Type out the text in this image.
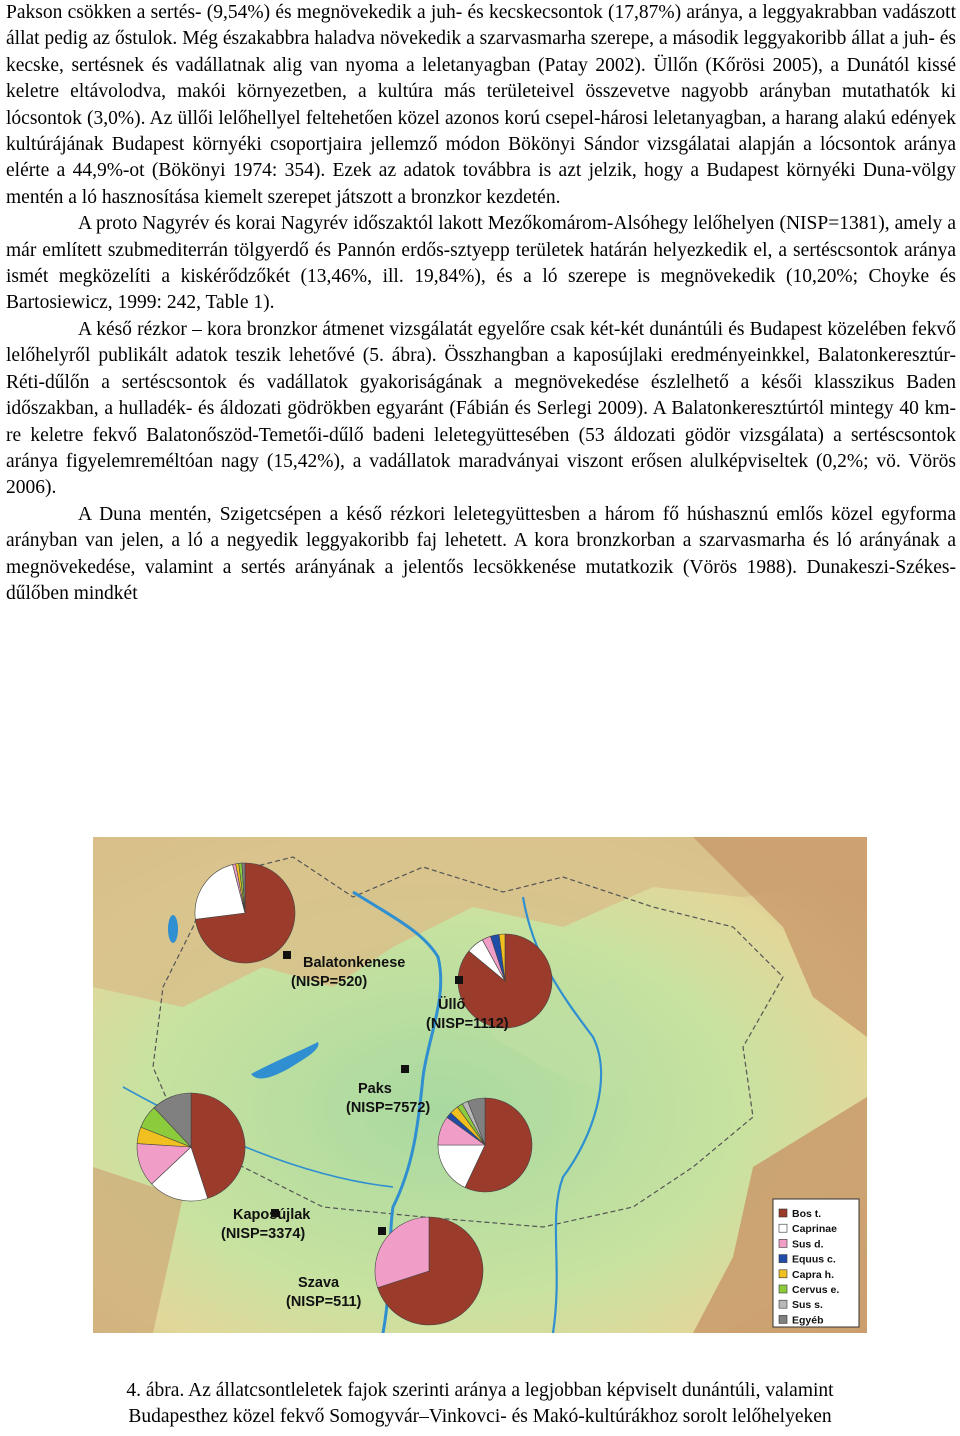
Pakson csökken a sertés- (9,54%) és megnövekedik a juh- és kecskecsontok (17,87%) aránya, a leggyakrabban vadászott állat pedig az őstulok. Még északabbra haladva növekedik a szarvasmarha szerepe, a második leggyakoribb állat a juh- és kecske, sertésnek és vadállatnak alig van nyoma a leletanyagban (Patay 2002). Üllőn (Kőrösi 2005), a Dunától kissé keletre eltávolodva, makói környezetben, a kultúra más területeivel összevetve nagyobb arányban mutathatók ki lócsontok (3,0%). Az üllői lelőhellyel feltehetően közel azonos korú csepel-hárosi leletanyagban, a harang alakú edények kultúrájának Budapest környéki csoportjaira jellemző módon Bökönyi Sándor vizsgálatai alapján a lócsontok aránya elérte a 44,9%-ot (Bökönyi 1974: 354). Ezek az adatok továbbra is azt jelzik, hogy a Budapest környéki Duna-völgy mentén a ló hasznosítása kiemelt szerepet játszott a bronzkor kezdetén.

A proto Nagyrév és korai Nagyrév időszaktól lakott Mezőkomárom-Alsóhegy lelőhelyen (NISP=1381), amely a már említett szubmediterrán tölgyerdő és Pannón erdős-sztyepp területek határán helyezkedik el, a sertéscsontok aránya ismét megközelíti a kiskérődzőkét (13,46%, ill. 19,84%), és a ló szerepe is megnövekedik (10,20%; Choyke és Bartosiewicz, 1999: 242, Table 1).

A késő rézkor – kora bronzkor átmenet vizsgálatát egyelőre csak két-két dunántúli és Budapest közelében fekvő lelőhelyről publikált adatok teszik lehetővé (5. ábra). Összhangban a kaposújlaki eredményeinkkel, Balatonkeresztúr-Réti-dűlőn a sertéscsontok és vadállatok gyakoriságának a megnövekedése észlelhető a késői klasszikus Baden időszakban, a hulladék- és áldozati gödrökben egyaránt (Fábián és Serlegi 2009). A Balatonkeresztúrtól mintegy 40 km-re keletre fekvő Balatonőszöd-Temetői-dűlő badeni leletegyüttesében (53 áldozati gödör vizsgálata) a sertéscsontok aránya figyelemreméltóan nagy (15,42%), a vadállatok maradványai viszont erősen alulképviseltek (0,2%; vö. Vörös 2006).

A Duna mentén, Szigetcsépen a késő rézkori leletegyüttesben a három fő húshasznú emlős közel egyforma arányban van jelen, a ló a negyedik leggyakoribb faj lehetett. A kora bronzkorban a szarvasmarha és ló arányának a megnövekedése, valamint a sertés arányának a jelentős lecsökkenése mutatkozik (Vörös 1988). Dunakeszi-Székes-dűlőben mindkét

Balatonkenese
(NISP=520)
Üllő
(NISP=1112)
Paks
(NISP=7572)
Kaposújlak
(NISP=3374)
Szava
(NISP=511)
Bos t.
Caprinae
Sus d.
Equus c.
Capra h.
Cervus e.
Sus s.
Egyéb
4. ábra. Az állatcsontleletek fajok szerinti aránya a legjobban képviselt dunántúli, valamint
Budapesthez közel fekvő Somogyvár–Vinkovci- és Makó-kultúrákhoz sorolt lelőhelyeken
